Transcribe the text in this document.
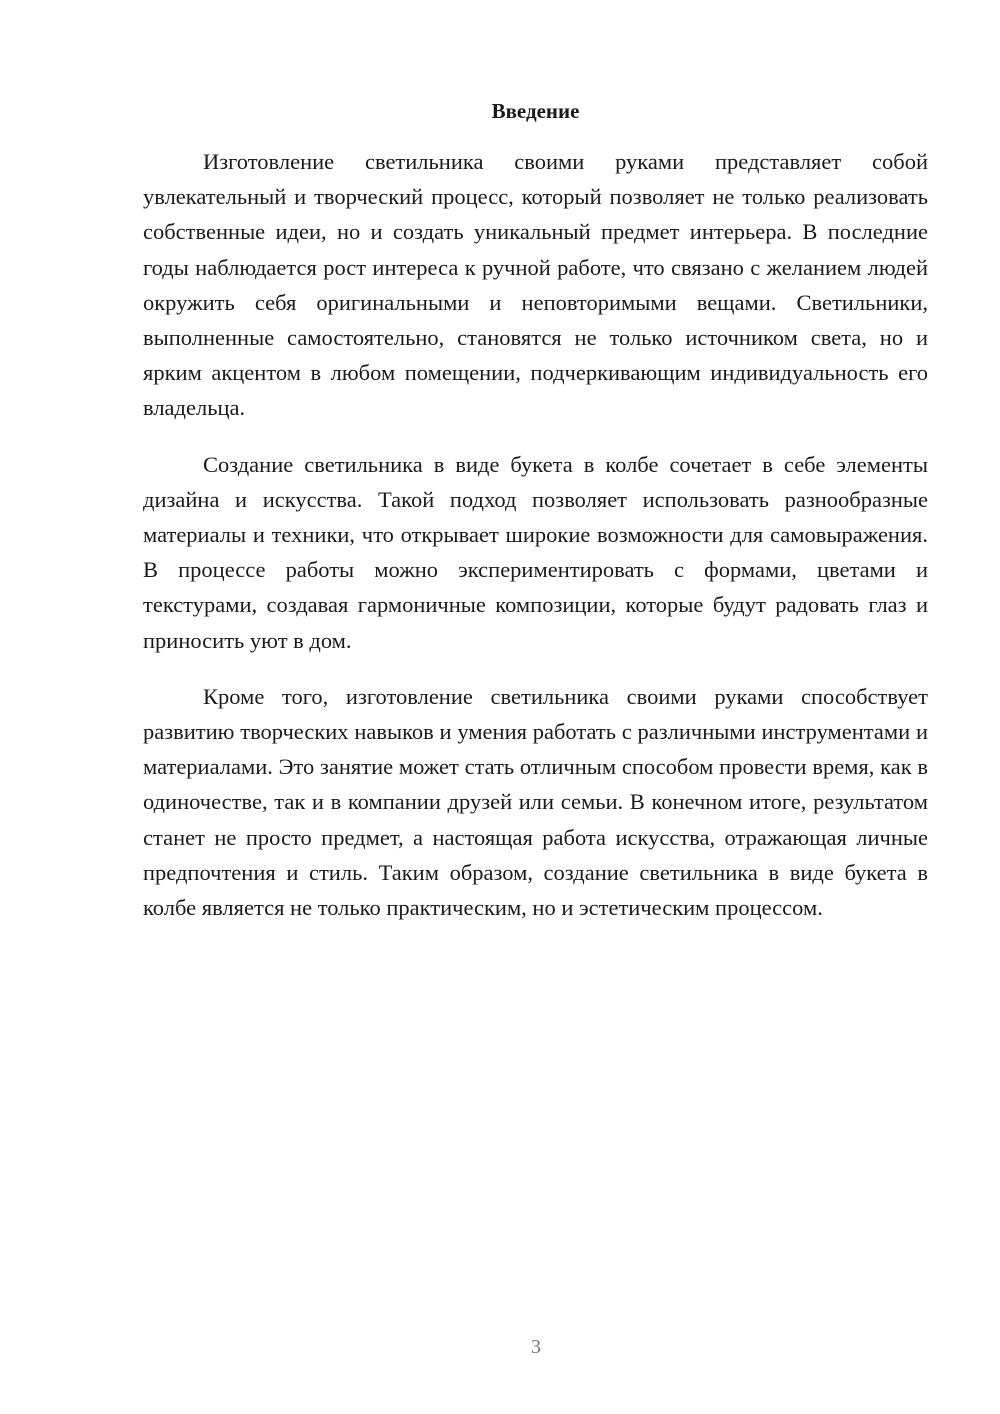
Введение

Изготовление светильника своими руками представляет собой увлекательный и творческий процесс, который позволяет не только реализовать собственные идеи, но и создать уникальный предмет интерьера. В последние годы наблюдается рост интереса к ручной работе, что связано с желанием людей окружить себя оригинальными и неповторимыми вещами. Светильники, выполненные самостоятельно, становятся не только источником света, но и ярким акцентом в любом помещении, подчеркивающим индивидуальность его владельца.

Создание светильника в виде букета в колбе сочетает в себе элементы дизайна и искусства. Такой подход позволяет использовать разнообразные материалы и техники, что открывает широкие возможности для самовыражения. В процессе работы можно экспериментировать с формами, цветами и текстурами, создавая гармоничные композиции, которые будут радовать глаз и приносить уют в дом.

Кроме того, изготовление светильника своими руками способствует развитию творческих навыков и умения работать с различными инструментами и материалами. Это занятие может стать отличным способом провести время, как в одиночестве, так и в компании друзей или семьи. В конечном итоге, результатом станет не просто предмет, а настоящая работа искусства, отражающая личные предпочтения и стиль. Таким образом, создание светильника в виде букета в колбе является не только практическим, но и эстетическим процессом.

3
